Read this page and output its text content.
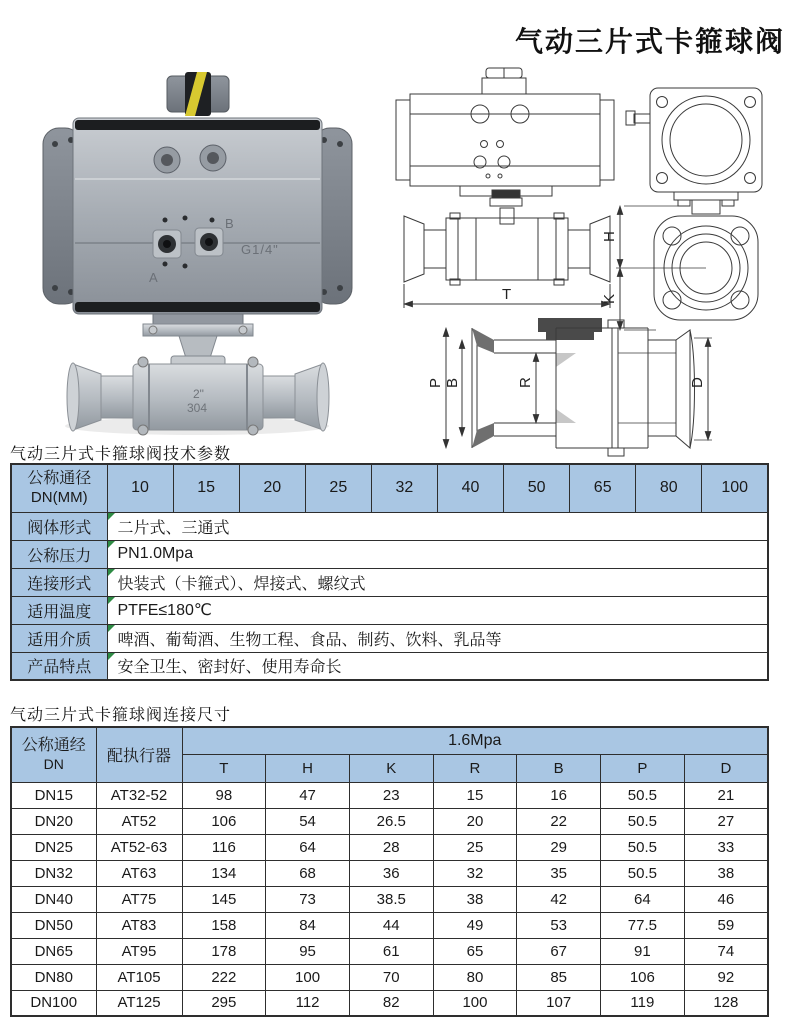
气动三片式卡箍球阀
B
A
G1/4"
2"
304
T
H
K
P B	R	D
气动三片式卡箍球阀技术参数
公称通径
DN(MM)	10	15	20	25	32	40	50	65	80	100
阀体形式	二片式、三通式									
公称压力	PN1.0Mpa									
连接形式	快装式（卡箍式）、焊接式、螺纹式									
适用温度	PTFE≤180℃									
适用介质	啤酒、葡萄酒、生物工程、食品、制药、饮料、乳品等									
产品特点	安全卫生、密封好、使用寿命长									
气动三片式卡箍球阀连接尺寸
公称通经
DN	配执行器	1.6Mpa						
		T	H	K	R	B	P	D
DN15	AT32-52	98	47	23	15	16	50.5	21
DN20	AT52	106	54	26.5	20	22	50.5	27
DN25	AT52-63	116	64	28	25	29	50.5	33
DN32	AT63	134	68	36	32	35	50.5	38
DN40	AT75	145	73	38.5	38	42	64	46
DN50	AT83	158	84	44	49	53	77.5	59
DN65	AT95	178	95	61	65	67	91	74
DN80	AT105	222	100	70	80	85	106	92
DN100	AT125	295	112	82	100	107	119	128
